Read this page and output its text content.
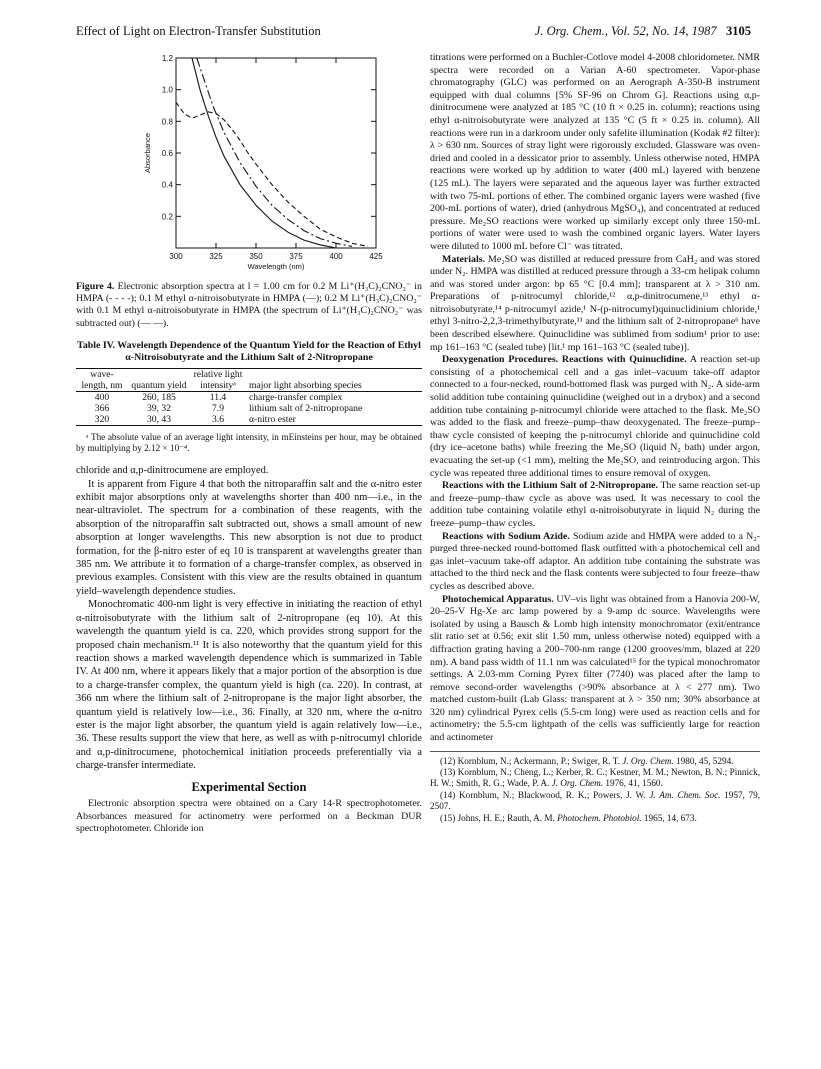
Effect of Light on Electron-Transfer Substitution	J. Org. Chem., Vol. 52, No. 14, 1987 3105
300	325	350	375	400	425
0.2
0.4
0.6
0.8
1.0
1.2
Wavelength (nm)
Absorbance

Figure 4. Electronic absorption spectra at l = 1.00 cm for 0.2 M Li⁺(H₃C)₂CNO₂⁻ in HMPA (- - - -); 0.1 M ethyl α-nitroisobutyrate in HMPA (—); 0.2 M Li⁺(H₃C)₂CNO₂⁻ with 0.1 M ethyl α-nitroisobutyrate in HMPA (the spectrum of Li⁺(H₃C)₂CNO₂⁻ was subtracted out) (— —).

Table IV. Wavelength Dependence of the Quantum Yield for the Reaction of Ethyl α-Nitroisobutyrate and the Lithium Salt of 2-Nitropropane
wave-length, nm	quantum yield	relative light intensityᵃ	major light absorbing species
400	260, 185	11.4	charge-transfer complex
366	39, 32	7.9	lithium salt of 2-nitropropane
320	30, 43	3.6	α-nitro ester

ᵃ The absolute value of an average light intensity, in mEinsteins per hour, may be obtained by multiplying by 2.12 × 10⁻⁴.

chloride and α,p-dinitrocumene are employed.

It is apparent from Figure 4 that both the nitroparaffin salt and the α-nitro ester exhibit major absorptions only at wavelengths shorter than 400 nm—i.e., in the near-ultraviolet. The spectrum for a combination of these reagents, with the absorption of the nitroparaffin salt subtracted out, shows a small amount of new absorption at longer wavelengths. This new absorption is not due to product formation, for the β-nitro ester of eq 10 is transparent at wavelengths greater than 385 nm. We attribute it to formation of a charge-transfer complex, as observed in previous examples. Consistent with this view are the results obtained in quantum yield–wavelength dependence studies.

Monochromatic 400-nm light is very effective in initiating the reaction of ethyl α-nitroisobutyrate with the lithium salt of 2-nitropropane (eq 10). At this wavelength the quantum yield is ca. 220, which provides strong support for the proposed chain mechanism.¹¹ It is also noteworthy that the quantum yield for this reaction shows a marked wavelength dependence which is summarized in Table IV. At 400 nm, where it appears likely that a major portion of the absorption is due to a charge-transfer complex, the quantum yield is high (ca. 220). In contrast, at 366 nm where the lithium salt of 2-nitropropane is the major light absorber, the quantum yield is relatively low—i.e., 36. Finally, at 320 nm, where the α-nitro ester is the major light absorber, the quantum yield is again relatively low—i.e., 36. These results support the view that here, as well as with p-nitrocumyl chloride and α,p-dinitrocumene, photochemical initiation proceeds preferentially via a charge-transfer intermediate.

Experimental Section

Electronic absorption spectra were obtained on a Cary 14-R spectrophotometer. Absorbances measured for actinometry were performed on a Beckman DUR spectrophotometer. Chloride ion

titrations were performed on a Buchler-Cotlove model 4-2008 chloridometer. NMR spectra were recorded on a Varian A-60 spectrometer. Vapor-phase chromatography (GLC) was performed on an Aerograph A-350-B instrument equipped with dual columns [5% SF-96 on Chrom G]. Reactions using α,p-dinitrocumene were analyzed at 185 °C (10 ft × 0.25 in. column); reactions using ethyl α-nitroisobutyrate were analyzed at 135 °C (5 ft × 0.25 in. column). All reactions were run in a darkroom under only safelite illumination (Kodak #2 filter): λ > 630 nm. Sources of stray light were rigorously excluded. Glassware was oven-dried and cooled in a dessicator prior to assembly. Unless otherwise noted, HMPA reactions were worked up by addition to water (400 mL) layered with benzene (125 mL). The layers were separated and the aqueous layer was further extracted with two 75-mL portions of ether. The combined organic layers were washed (five 200-mL portions of water), dried (anhydrous MgSO₄), and concentrated at reduced pressure. Me₂SO reactions were worked up similarly except only three 150-mL portions of water were used to wash the combined organic layers. Water layers were diluted to 1000 mL before Cl⁻ was titrated.

Materials. Me₂SO was distilled at reduced pressure from CaH₂ and was stored under N₂. HMPA was distilled at reduced pressure through a 33-cm helipak column and was stored under argon: bp 65 °C [0.4 mm]; transparent at λ > 310 nm. Preparations of p-nitrocumyl chloride,¹² α,p-dinitrocumene,¹³ ethyl α-nitroisobutyrate,¹⁴ p-nitrocumyl azide,¹ N-(p-nitrocumyl)quinuclidinium chloride,¹ ethyl 3-nitro-2,2,3-trimethylbutyrate,¹¹ and the lithium salt of 2-nitropropane⁶ have been described elsewhere. Quinuclidine was sublimed from sodium¹ prior to use: mp 161–163 °C (sealed tube) [lit.¹ mp 161–163 °C (sealed tube)].

Deoxygenation Procedures. Reactions with Quinuclidine. A reaction set-up consisting of a photochemical cell and a gas inlet–vacuum take-off adaptor connected to a four-necked, round-bottomed flask was purged with N₂. A side-arm solid addition tube containing quinuclidine (weighed out in a drybox) and a second addition tube containing p-nitrocumyl chloride were attached to the flask. Me₂SO was added to the flask and freeze–pump–thaw deoxygenated. The freeze–pump–thaw cycle consisted of keeping the p-nitrocumyl chloride and quinuclidine cold (dry ice–acetone baths) while freezing the Me₂SO (liquid N₂ bath) under argon, evacuating the set-up (<1 mm), melting the Me₂SO, and reintroducing argon. This cycle was repeated three additional times to ensure removal of oxygen.

Reactions with the Lithium Salt of 2-Nitropropane. The same reaction set-up and freeze–pump–thaw cycle as above was used. It was necessary to cool the addition tube containing volatile ethyl α-nitroisobutyrate in liquid N₂ during the freeze–pump–thaw cycles.

Reactions with Sodium Azide. Sodium azide and HMPA were added to a N₂-purged three-necked round-bottomed flask outfitted with a photochemical cell and gas inlet–vacuum take-off adaptor. An addition tube containing the substrate was attached to the third neck and the flask contents were subjected to four freeze–thaw cycles as described above.

Photochemical Apparatus. UV–vis light was obtained from a Hanovia 200-W, 20–25-V Hg-Xe arc lamp powered by a 9-amp dc source. Wavelengths were isolated by using a Bausch & Lomb high intensity monochromator (exit/entrance slit ratio set at 0.56; exit slit 1.50 mm, unless otherwise noted) equipped with a diffraction grating having a 200–700-nm range (1200 grooves/mm, blazed at 220 nm). A band pass width of 11.1 nm was calculated¹⁵ for the typical monochromator settings. A 2.03-mm Corning Pyrex filter (7740) was placed after the lamp to remove second-order wavelengths (>90% absorbance at λ < 277 nm). Two matched custom-built (Lab Glass: transparent at λ > 350 nm; 30% absorbance at 320 nm) cylindrical Pyrex cells (5.5-cm long) were used as reaction cells and for actinometry; the 5.5-cm lightpath of the cells was sufficiently large for reaction and actinometer

(12) Kornblum, N.; Ackermann, P.; Swiger, R. T. J. Org. Chem. 1980, 45, 5294.

(13) Kornblum, N.; Cheng, L.; Kerber, R. C.; Kestner, M. M.; Newton, B. N.; Pinnick, H. W.; Smith, R. G.; Wade, P. A. J. Org. Chem. 1976, 41, 1560.

(14) Kornblum, N.; Blackwood, R. K.; Powers, J. W. J. Am. Chem. Soc. 1957, 79, 2507.

(15) Johns, H. E.; Rauth, A. M. Photochem. Photobiol. 1965, 14, 673.
